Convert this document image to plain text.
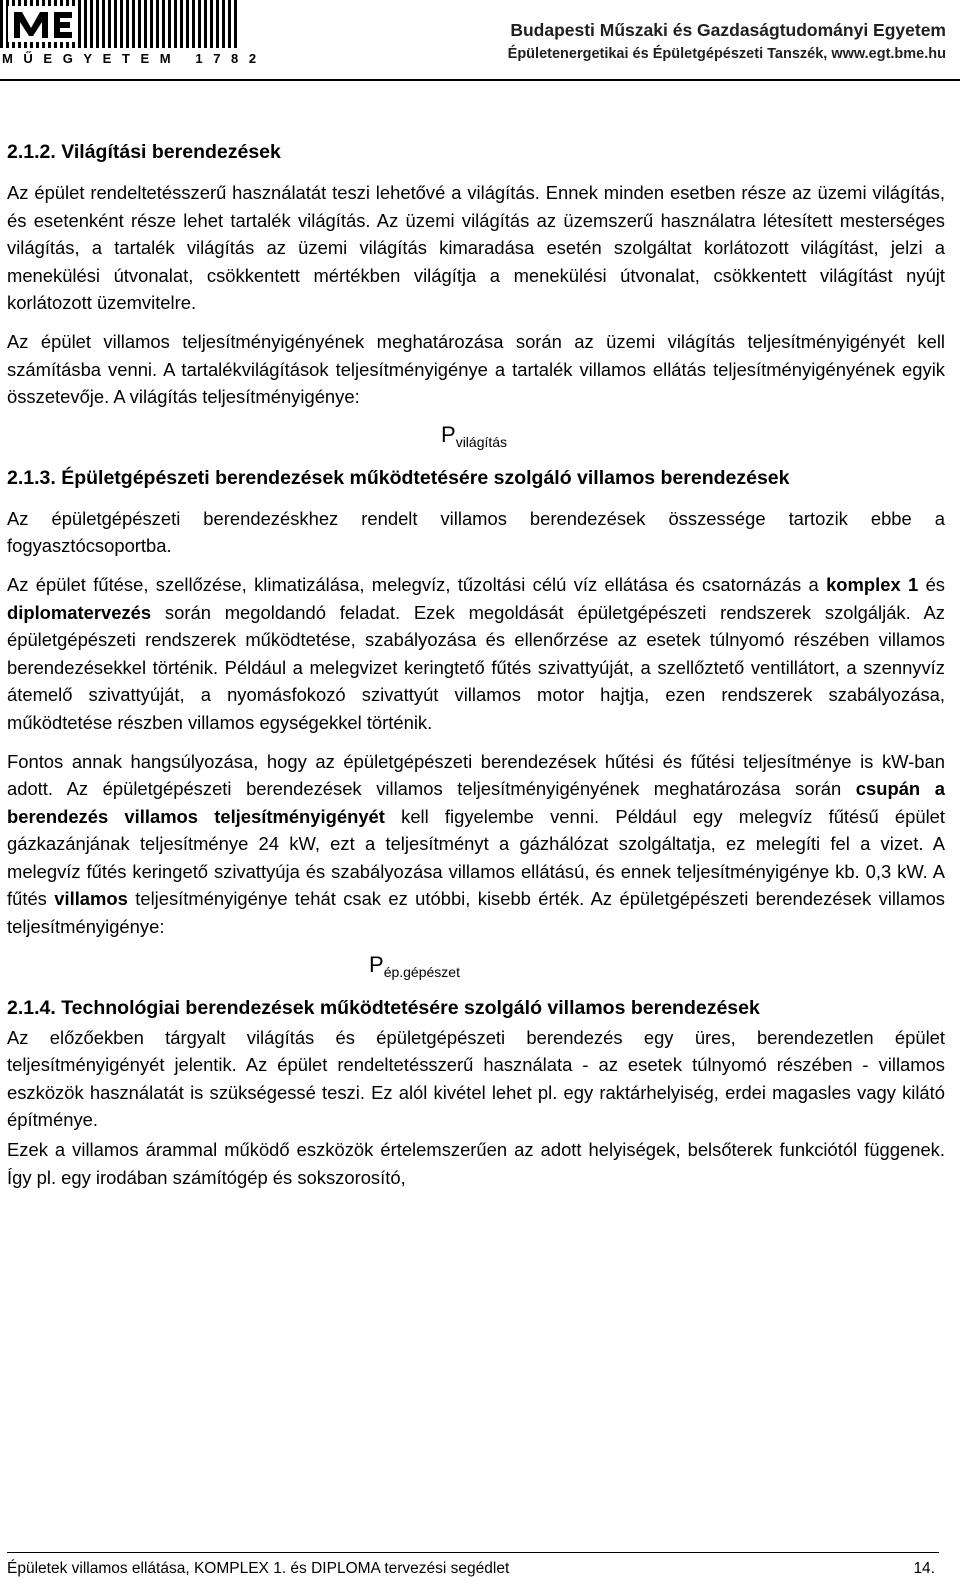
MŰEGYETEM 1782
Budapesti Műszaki és Gazdaságtudományi Egyetem
Épületenergetikai és Épületgépészeti Tanszék, www.egt.bme.hu
2.1.2. Világítási berendezések

Az épület rendeltetésszerű használatát teszi lehetővé a világítás. Ennek minden esetben része az üzemi világítás, és esetenként része lehet tartalék világítás. Az üzemi világítás az üzemszerű használatra létesített mesterséges világítás, a tartalék világítás az üzemi világítás kimaradása esetén szolgáltat korlátozott világítást, jelzi a menekülési útvonalat, csökkentett mértékben világítja a menekülési útvonalat, csökkentett világítást nyújt korlátozott üzemvitelre.

Az épület villamos teljesítményigényének meghatározása során az üzemi világítás teljesítményigényét kell számításba venni. A tartalékvilágítások teljesítményigénye a tartalék villamos ellátás teljesítményigényének egyik összetevője. A világítás teljesítményigénye:

$P_{világítás}$
2.1.3. Épületgépészeti berendezések működtetésére szolgáló villamos berendezések

Az épületgépészeti berendezéskhez rendelt villamos berendezések összessége tartozik ebbe a fogyasztócsoportba.

Az épület fűtése, szellőzése, klimatizálása, melegvíz, tűzoltási célú víz ellátása és csatornázás a komplex 1 és diplomatervezés során megoldandó feladat. Ezek megoldását épületgépészeti rendszerek szolgálják. Az épületgépészeti rendszerek működtetése, szabályozása és ellenőrzése az esetek túlnyomó részében villamos berendezésekkel történik. Például a melegvizet keringtető fűtés szivattyúját, a szellőztető ventillátort, a szennyvíz átemelő szivattyúját, a nyomásfokozó szivattyút villamos motor hajtja, ezen rendszerek szabályozása, működtetése részben villamos egységekkel történik.

Fontos annak hangsúlyozása, hogy az épületgépészeti berendezések hűtési és fűtési teljesítménye is kW-ban adott. Az épületgépészeti berendezések villamos teljesítményigényének meghatározása során csupán a berendezés villamos teljesítményigényét kell figyelembe venni. Például egy melegvíz fűtésű épület gázkazánjának teljesítménye 24 kW, ezt a teljesítményt a gázhálózat szolgáltatja, ez melegíti fel a vizet. A melegvíz fűtés keringető szivattyúja és szabályozása villamos ellátású, és ennek teljesítményigénye kb. 0,3 kW. A fűtés villamos teljesítményigénye tehát csak ez utóbbi, kisebb érték. Az épületgépészeti berendezések villamos teljesítményigénye:

$P_{ép.gépészet}$
2.1.4. Technológiai berendezések működtetésére szolgáló villamos berendezések

Az előzőekben tárgyalt világítás és épületgépészeti berendezés egy üres, berendezetlen épület teljesítményigényét jelentik. Az épület rendeltetésszerű használata - az esetek túlnyomó részében - villamos eszközök használatát is szükségessé teszi. Ez alól kivétel lehet pl. egy raktárhelyiség, erdei magasles vagy kilátó építménye.

Ezek a villamos árammal működő eszközök értelemszerűen az adott helyiségek, belsőterek funkciótól függenek. Így pl. egy irodában számítógép és sokszorosító,

Épületek villamos ellátása, KOMPLEX 1. és DIPLOMA tervezési segédlet	14.
